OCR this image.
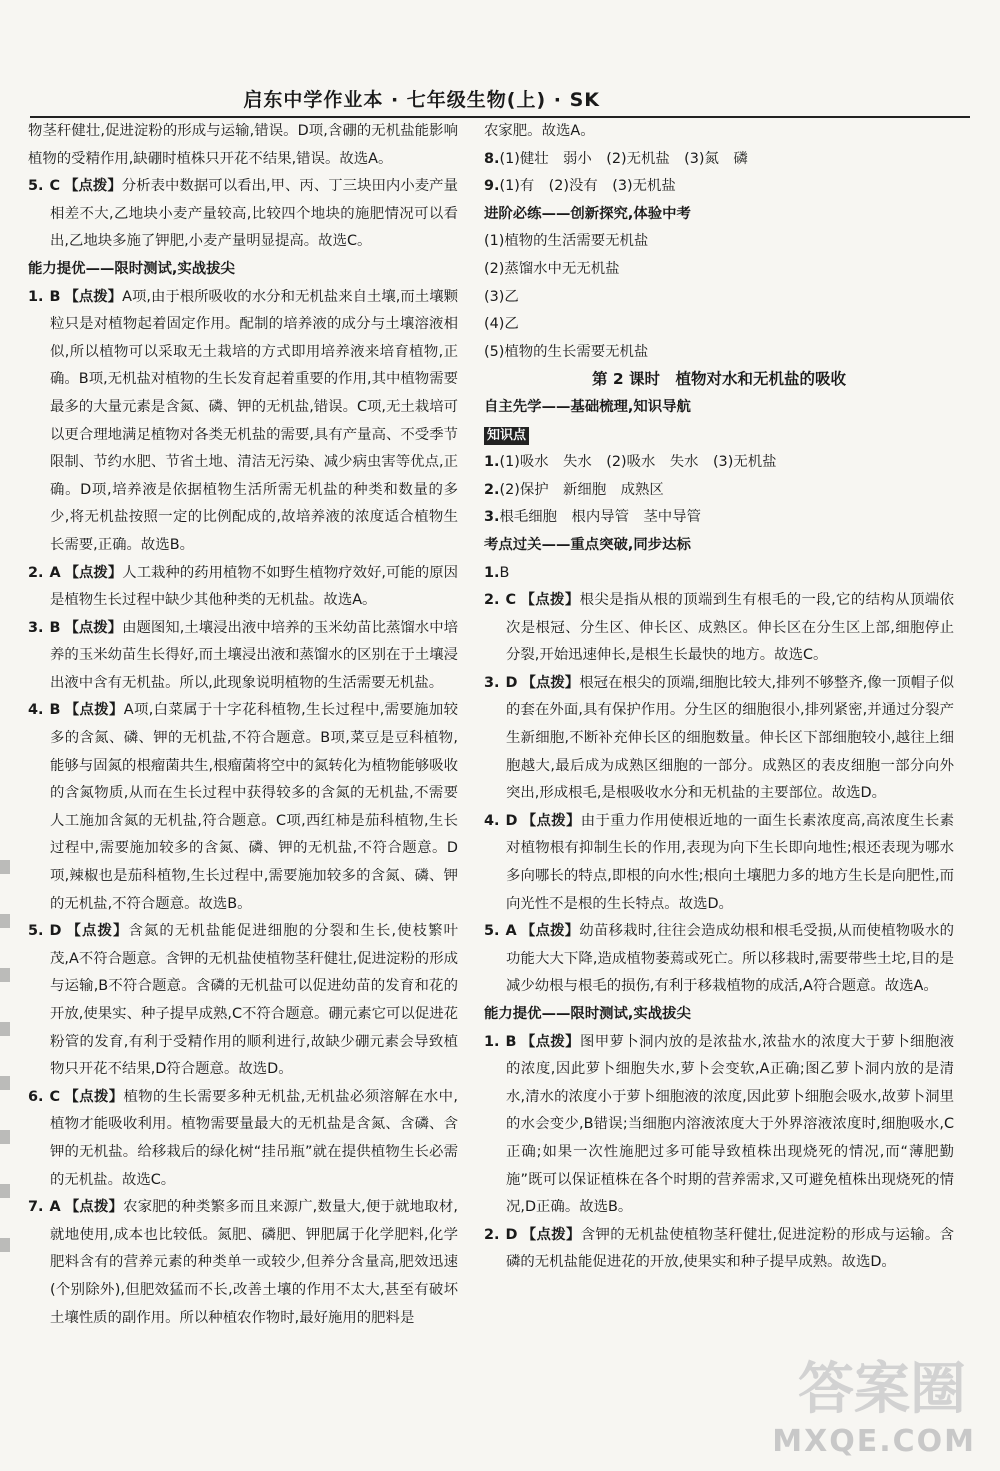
启东中学作业本 · 七年级生物(上) · SK

物茎秆健壮,促进淀粉的形成与运输,错误。D项,含硼的无机盐能影响植物的受精作用,缺硼时植株只开花不结果,错误。故选A。

5. C 【点拨】分析表中数据可以看出,甲、丙、丁三块田内小麦产量相差不大,乙地块小麦产量较高,比较四个地块的施肥情况可以看出,乙地块多施了钾肥,小麦产量明显提高。故选C。

能力提优——限时测试,实战拔尖

1. B 【点拨】A项,由于根所吸收的水分和无机盐来自土壤,而土壤颗粒只是对植物起着固定作用。配制的培养液的成分与土壤溶液相似,所以植物可以采取无土栽培的方式即用培养液来培育植物,正确。B项,无机盐对植物的生长发育起着重要的作用,其中植物需要最多的大量元素是含氮、磷、钾的无机盐,错误。C项,无土栽培可以更合理地满足植物对各类无机盐的需要,具有产量高、不受季节限制、节约水肥、节省土地、清洁无污染、减少病虫害等优点,正确。D项,培养液是依据植物生活所需无机盐的种类和数量的多少,将无机盐按照一定的比例配成的,故培养液的浓度适合植物生长需要,正确。故选B。

2. A 【点拨】人工栽种的药用植物不如野生植物疗效好,可能的原因是植物生长过程中缺少其他种类的无机盐。故选A。

3. B 【点拨】由题图知,土壤浸出液中培养的玉米幼苗比蒸馏水中培养的玉米幼苗生长得好,而土壤浸出液和蒸馏水的区别在于土壤浸出液中含有无机盐。所以,此现象说明植物的生活需要无机盐。

4. B 【点拨】A项,白菜属于十字花科植物,生长过程中,需要施加较多的含氮、磷、钾的无机盐,不符合题意。B项,菜豆是豆科植物,能够与固氮的根瘤菌共生,根瘤菌将空中的氮转化为植物能够吸收的含氮物质,从而在生长过程中获得较多的含氮的无机盐,不需要人工施加含氮的无机盐,符合题意。C项,西红柿是茄科植物,生长过程中,需要施加较多的含氮、磷、钾的无机盐,不符合题意。D项,辣椒也是茄科植物,生长过程中,需要施加较多的含氮、磷、钾的无机盐,不符合题意。故选B。

5. D 【点拨】含氮的无机盐能促进细胞的分裂和生长,使枝繁叶茂,A不符合题意。含钾的无机盐使植物茎秆健壮,促进淀粉的形成与运输,B不符合题意。含磷的无机盐可以促进幼苗的发育和花的开放,使果实、种子提早成熟,C不符合题意。硼元素它可以促进花粉管的发育,有利于受精作用的顺利进行,故缺少硼元素会导致植物只开花不结果,D符合题意。故选D。

6. C 【点拨】植物的生长需要多种无机盐,无机盐必须溶解在水中,植物才能吸收利用。植物需要量最大的无机盐是含氮、含磷、含钾的无机盐。给移栽后的绿化树“挂吊瓶”就在提供植物生长必需的无机盐。故选C。

7. A 【点拨】农家肥的种类繁多而且来源广,数量大,便于就地取材,就地使用,成本也比较低。氮肥、磷肥、钾肥属于化学肥料,化学肥料含有的营养元素的种类单一或较少,但养分含量高,肥效迅速(个别除外),但肥效猛而不长,改善土壤的作用不太大,甚至有破坏土壤性质的副作用。所以种植农作物时,最好施用的肥料是

农家肥。故选A。

8.(1)健壮　弱小　(2)无机盐　(3)氮　磷

9.(1)有　(2)没有　(3)无机盐

进阶必练——创新探究,体验中考

(1)植物的生活需要无机盐

(2)蒸馏水中无无机盐

(3)乙

(4)乙

(5)植物的生长需要无机盐

第 2 课时　植物对水和无机盐的吸收

自主先学——基础梳理,知识导航

知识点

1.(1)吸水　失水　(2)吸水　失水　(3)无机盐

2.(2)保护　新细胞　成熟区

3.根毛细胞　根内导管　茎中导管

考点过关——重点突破,同步达标

1.B

2. C 【点拨】根尖是指从根的顶端到生有根毛的一段,它的结构从顶端依次是根冠、分生区、伸长区、成熟区。伸长区在分生区上部,细胞停止分裂,开始迅速伸长,是根生长最快的地方。故选C。

3. D 【点拨】根冠在根尖的顶端,细胞比较大,排列不够整齐,像一顶帽子似的套在外面,具有保护作用。分生区的细胞很小,排列紧密,并通过分裂产生新细胞,不断补充伸长区的细胞数量。伸长区下部细胞较小,越往上细胞越大,最后成为成熟区细胞的一部分。成熟区的表皮细胞一部分向外突出,形成根毛,是根吸收水分和无机盐的主要部位。故选D。

4. D 【点拨】由于重力作用使根近地的一面生长素浓度高,高浓度生长素对植物根有抑制生长的作用,表现为向下生长即向地性;根还表现为哪水多向哪长的特点,即根的向水性;根向土壤肥力多的地方生长是向肥性,而向光性不是根的生长特点。故选D。

5. A 【点拨】幼苗移栽时,往往会造成幼根和根毛受损,从而使植物吸水的功能大大下降,造成植物萎蔫或死亡。所以移栽时,需要带些土坨,目的是减少幼根与根毛的损伤,有利于移栽植物的成活,A符合题意。故选A。

能力提优——限时测试,实战拔尖

1. B 【点拨】图甲萝卜洞内放的是浓盐水,浓盐水的浓度大于萝卜细胞液的浓度,因此萝卜细胞失水,萝卜会变软,A正确;图乙萝卜洞内放的是清水,清水的浓度小于萝卜细胞液的浓度,因此萝卜细胞会吸水,故萝卜洞里的水会变少,B错误;当细胞内溶液浓度大于外界溶液浓度时,细胞吸水,C正确;如果一次性施肥过多可能导致植株出现烧死的情况,而“薄肥勤施”既可以保证植株在各个时期的营养需求,又可避免植株出现烧死的情况,D正确。故选B。

2. D 【点拨】含钾的无机盐使植物茎秆健壮,促进淀粉的形成与运输。含磷的无机盐能促进花的开放,使果实和种子提早成熟。故选D。

答案圈
MXQE.COM
